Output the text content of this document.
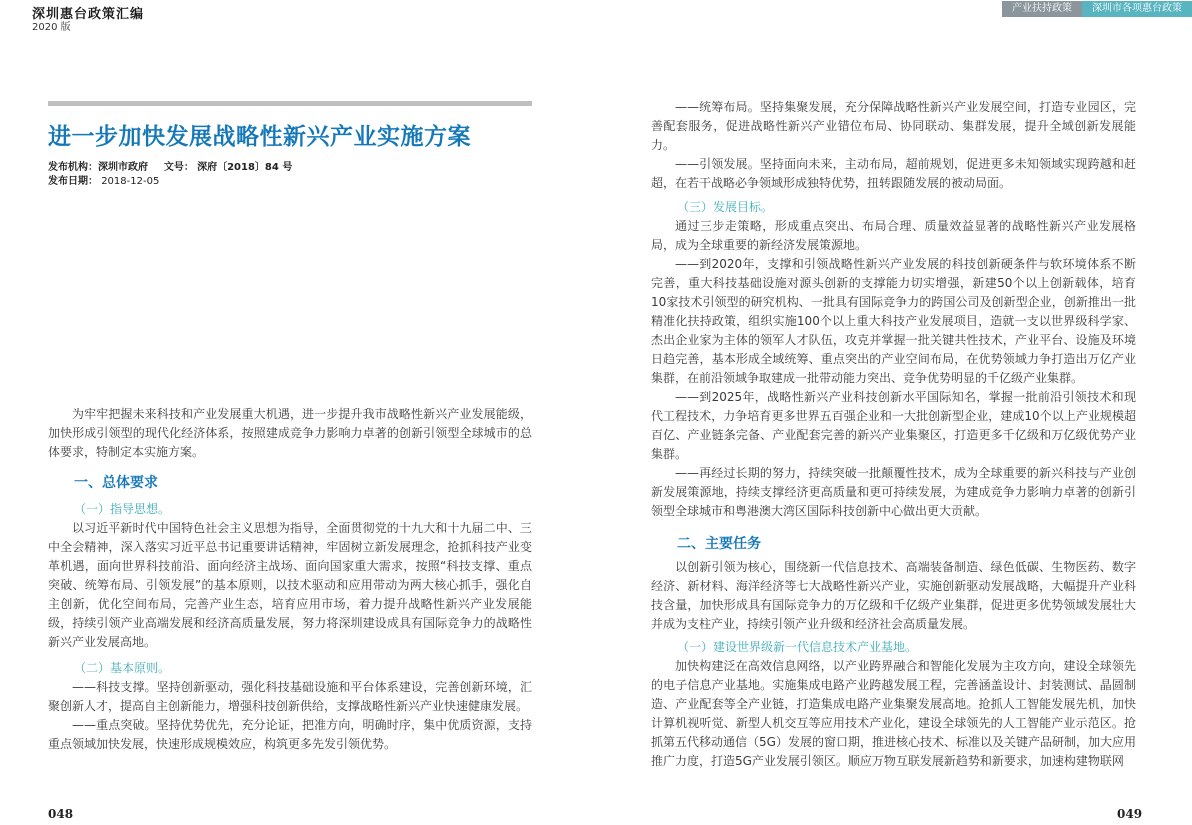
深圳惠台政策汇编
2020 版
产业扶持政策	深圳市各项惠台政策
进一步加快发展战略性新兴产业实施方案
发布机构：深圳市政府 文号： 深府〔2018〕84 号
发布日期： 2018-12-05

为牢牢把握未来科技和产业发展重大机遇，进一步提升我市战略性新兴产业发展能级，加快形成引领型的现代化经济体系，按照建成竞争力影响力卓著的创新引领型全球城市的总体要求，特制定本实施方案。

一、总体要求

（一）指导思想。

以习近平新时代中国特色社会主义思想为指导，全面贯彻党的十九大和十九届二中、三中全会精神，深入落实习近平总书记重要讲话精神，牢固树立新发展理念，抢抓科技产业变革机遇，面向世界科技前沿、面向经济主战场、面向国家重大需求，按照“科技支撑、重点突破、统筹布局、引领发展”的基本原则，以技术驱动和应用带动为两大核心抓手，强化自主创新，优化空间布局，完善产业生态，培育应用市场，着力提升战略性新兴产业发展能级，持续引领产业高端发展和经济高质量发展，努力将深圳建设成具有国际竞争力的战略性新兴产业发展高地。

（二）基本原则。

——科技支撑。坚持创新驱动，强化科技基础设施和平台体系建设，完善创新环境，汇聚创新人才，提高自主创新能力，增强科技创新供给，支撑战略性新兴产业快速健康发展。

——重点突破。坚持优势优先，充分论证，把准方向，明确时序，集中优质资源，支持重点领域加快发展，快速形成规模效应，构筑更多先发引领优势。

048

——统筹布局。坚持集聚发展，充分保障战略性新兴产业发展空间，打造专业园区，完善配套服务，促进战略性新兴产业错位布局、协同联动、集群发展，提升全域创新发展能力。

——引领发展。坚持面向未来，主动布局，超前规划，促进更多未知领域实现跨越和赶超，在若干战略必争领域形成独特优势，扭转跟随发展的被动局面。

（三）发展目标。

通过三步走策略，形成重点突出、布局合理、质量效益显著的战略性新兴产业发展格局，成为全球重要的新经济发展策源地。

——到2020年，支撑和引领战略性新兴产业发展的科技创新硬条件与软环境体系不断完善，重大科技基础设施对源头创新的支撑能力切实增强，新建50个以上创新载体，培育10家技术引领型的研究机构、一批具有国际竞争力的跨国公司及创新型企业，创新推出一批精准化扶持政策，组织实施100个以上重大科技产业发展项目，造就一支以世界级科学家、杰出企业家为主体的领军人才队伍，攻克并掌握一批关键共性技术，产业平台、设施及环境日趋完善，基本形成全域统筹、重点突出的产业空间布局，在优势领域力争打造出万亿产业集群，在前沿领域争取建成一批带动能力突出、竞争优势明显的千亿级产业集群。

——到2025年，战略性新兴产业科技创新水平国际知名，掌握一批前沿引领技术和现代工程技术，力争培育更多世界五百强企业和一大批创新型企业，建成10个以上产业规模超百亿、产业链条完备、产业配套完善的新兴产业集聚区，打造更多千亿级和万亿级优势产业集群。

——再经过长期的努力，持续突破一批颠覆性技术，成为全球重要的新兴科技与产业创新发展策源地，持续支撑经济更高质量和更可持续发展，为建成竞争力影响力卓著的创新引领型全球城市和粤港澳大湾区国际科技创新中心做出更大贡献。

二、主要任务

以创新引领为核心，围绕新一代信息技术、高端装备制造、绿色低碳、生物医药、数字经济、新材料、海洋经济等七大战略性新兴产业，实施创新驱动发展战略，大幅提升产业科技含量，加快形成具有国际竞争力的万亿级和千亿级产业集群，促进更多优势领域发展壮大并成为支柱产业，持续引领产业升级和经济社会高质量发展。

（一）建设世界级新一代信息技术产业基地。

加快构建泛在高效信息网络，以产业跨界融合和智能化发展为主攻方向，建设全球领先的电子信息产业基地。实施集成电路产业跨越发展工程，完善涵盖设计、封装测试、晶圆制造、产业配套等全产业链，打造集成电路产业集聚发展高地。抢抓人工智能发展先机，加快计算机视听觉、新型人机交互等应用技术产业化，建设全球领先的人工智能产业示范区。抢抓第五代移动通信（5G）发展的窗口期，推进核心技术、标准以及关键产品研制，加大应用推广力度，打造5G产业发展引领区。顺应万物互联发展新趋势和新要求，加速构建物联网

049
